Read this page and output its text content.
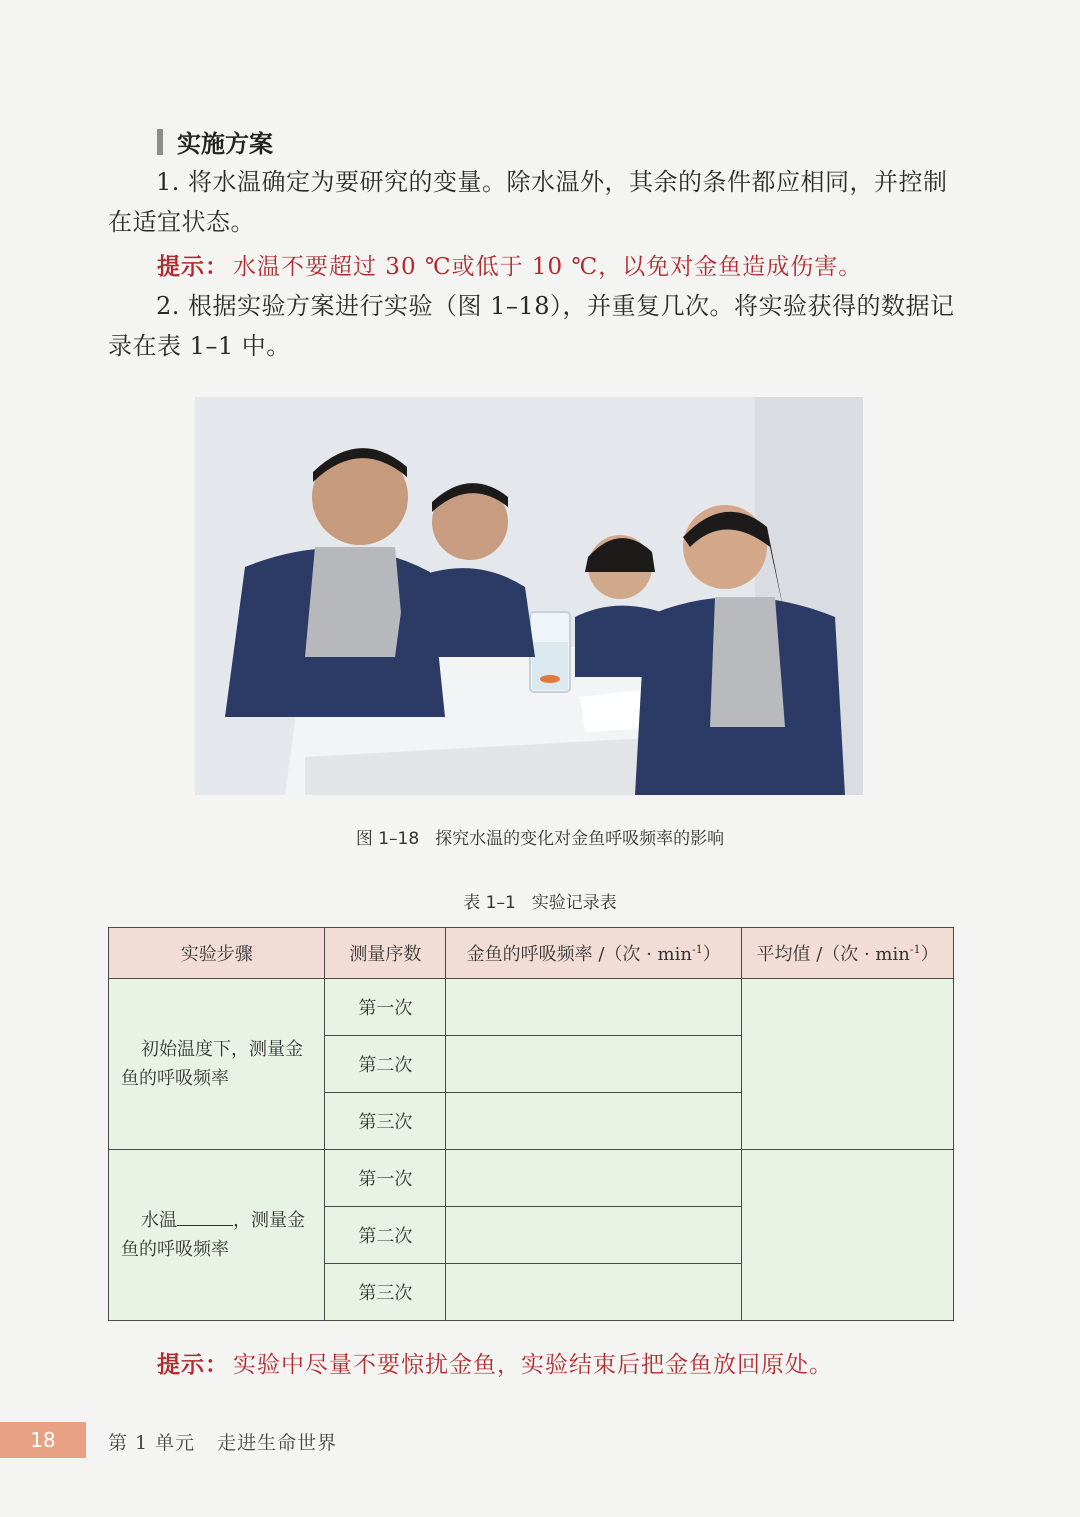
实施方案

1. 将水温确定为要研究的变量。除水温外，其余的条件都应相同，并控制在适宜状态。

提示： 水温不要超过 30 ℃或低于 10 ℃，以免对金鱼造成伤害。

2. 根据实验方案进行实验（图 1–18），并重复几次。将实验获得的数据记录在表 1–1 中。

图 1–18 探究水温的变化对金鱼呼吸频率的影响
表 1–1 实验记录表
实验步骤	测量序数	金鱼的呼吸频率 /（次 · $\min^{-1}$）	平均值 /（次 · $\min^{-1}$）
初始温度下，测量金鱼的呼吸频率	第一次		
	第二次		
	第三次		
水温 ，测量金鱼的呼吸频率	第一次		
	第二次		
	第三次		
提示： 实验中尽量不要惊扰金鱼，实验结束后把金鱼放回原处。
18	第 1 单元 走进生命世界
